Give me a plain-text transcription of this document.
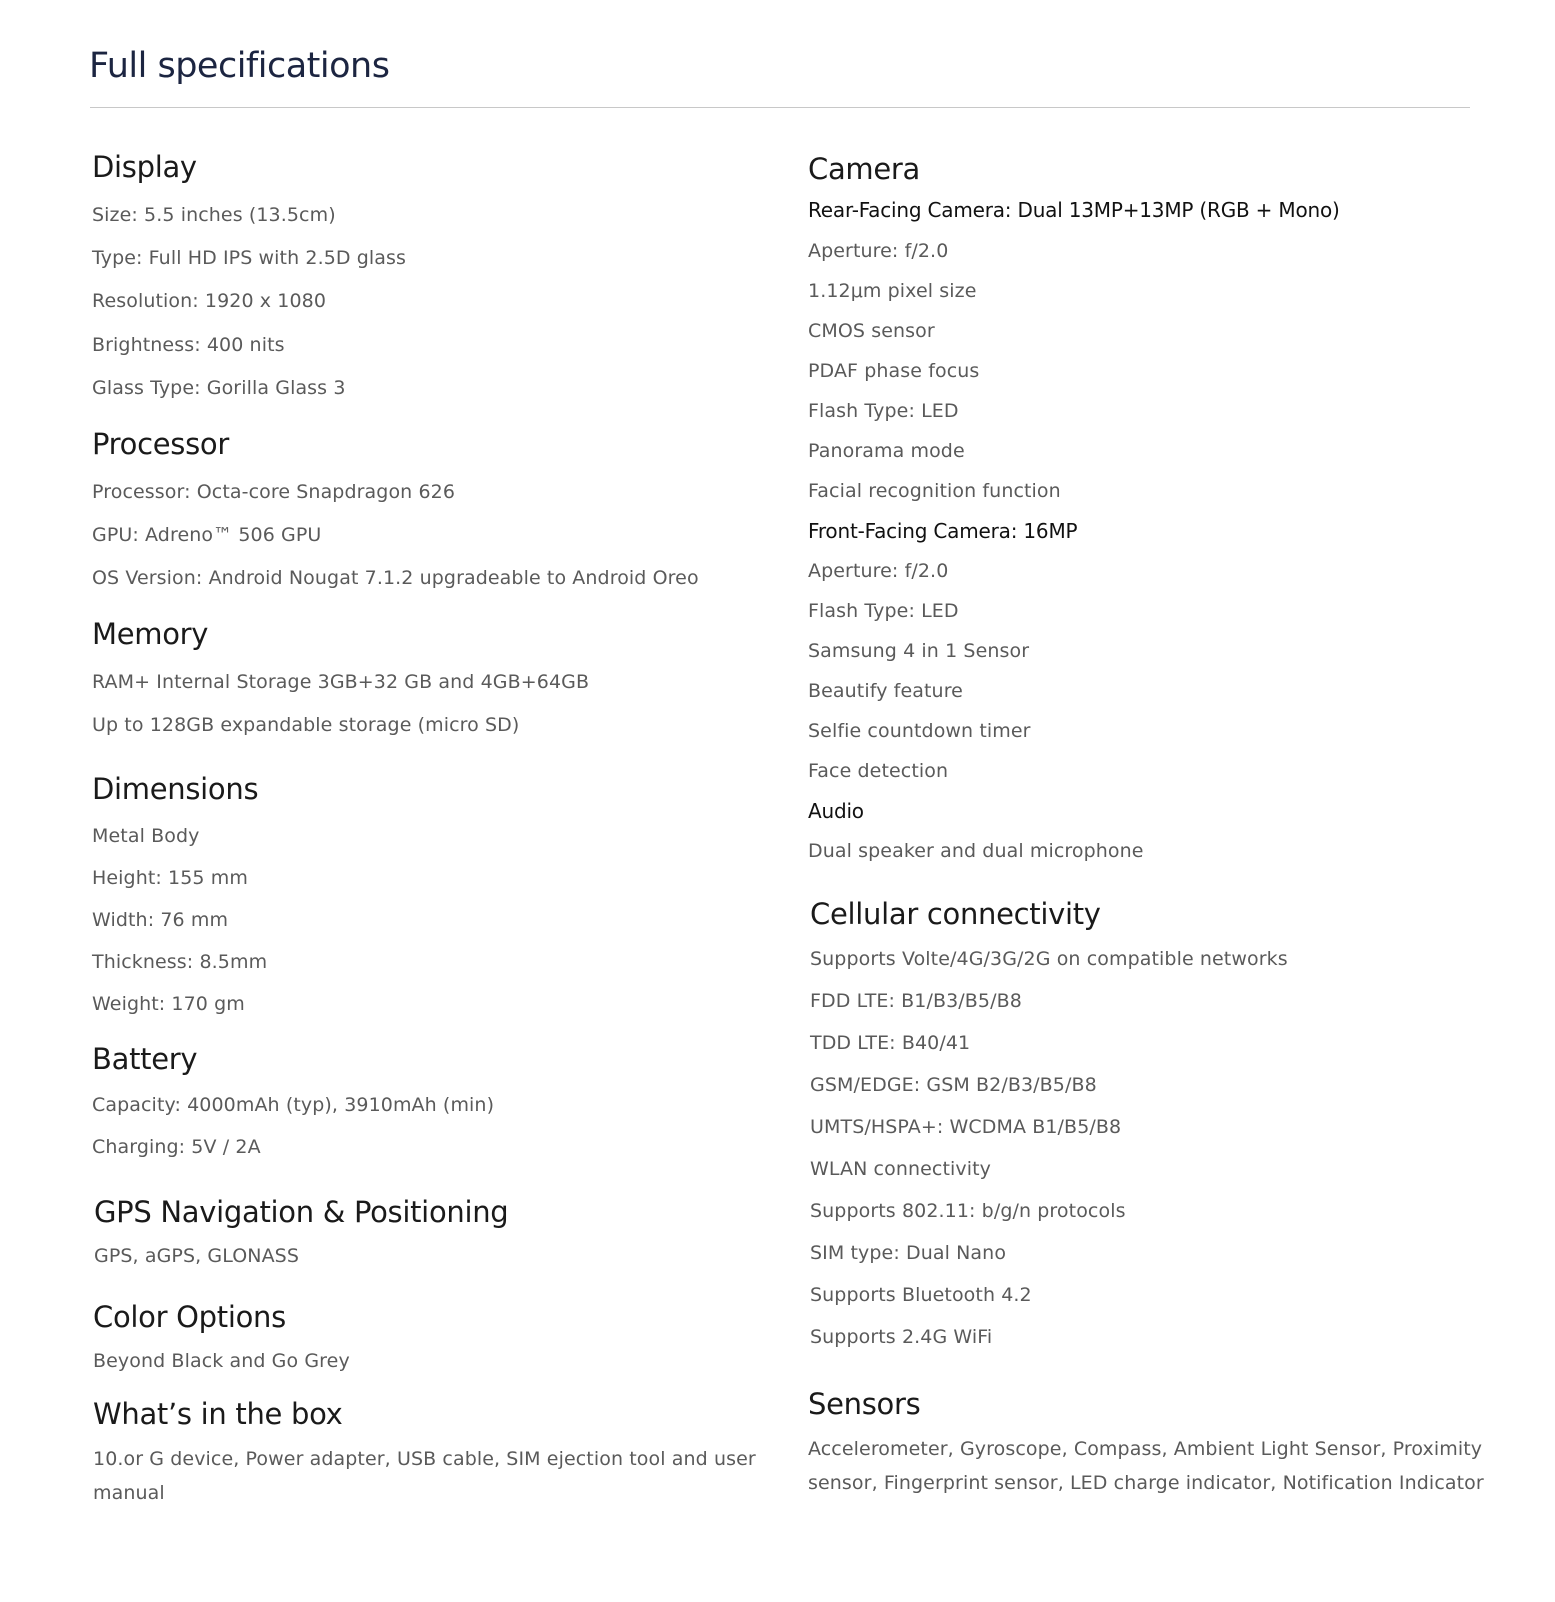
Full specifications
Display

Size: 5.5 inches (13.5cm)

Type: Full HD IPS with 2.5D glass

Resolution: 1920 x 1080

Brightness: 400 nits

Glass Type: Gorilla Glass 3

Processor

Processor: Octa-core Snapdragon 626

GPU: Adreno™ 506 GPU

OS Version: Android Nougat 7.1.2 upgradeable to Android Oreo

Memory

RAM+ Internal Storage 3GB+32 GB and 4GB+64GB

Up to 128GB expandable storage (micro SD)

Dimensions

Metal Body

Height: 155 mm

Width: 76 mm

Thickness: 8.5mm

Weight: 170 gm

Battery

Capacity: 4000mAh (typ), 3910mAh (min)

Charging: 5V / 2A

GPS Navigation & Positioning

GPS, aGPS, GLONASS

Color Options

Beyond Black and Go Grey

What’s in the box

10.or G device, Power adapter, USB cable, SIM ejection tool and user manual

Camera
Rear-Facing Camera: Dual 13MP+13MP (RGB + Mono)

Aperture: f/2.0

1.12μm pixel size

CMOS sensor

PDAF phase focus

Flash Type: LED

Panorama mode

Facial recognition function

Front-Facing Camera: 16MP

Aperture: f/2.0

Flash Type: LED

Samsung 4 in 1 Sensor

Beautify feature

Selfie countdown timer

Face detection

Audio

Dual speaker and dual microphone

Cellular connectivity

Supports Volte/4G/3G/2G on compatible networks

FDD LTE: B1/B3/B5/B8

TDD LTE: B40/41

GSM/EDGE: GSM B2/B3/B5/B8

UMTS/HSPA+: WCDMA B1/B5/B8

WLAN connectivity

Supports 802.11: b/g/n protocols

SIM type: Dual Nano

Supports Bluetooth 4.2

Supports 2.4G WiFi

Sensors

Accelerometer, Gyroscope, Compass, Ambient Light Sensor, Proximity sensor, Fingerprint sensor, LED charge indicator, Notification Indicator
